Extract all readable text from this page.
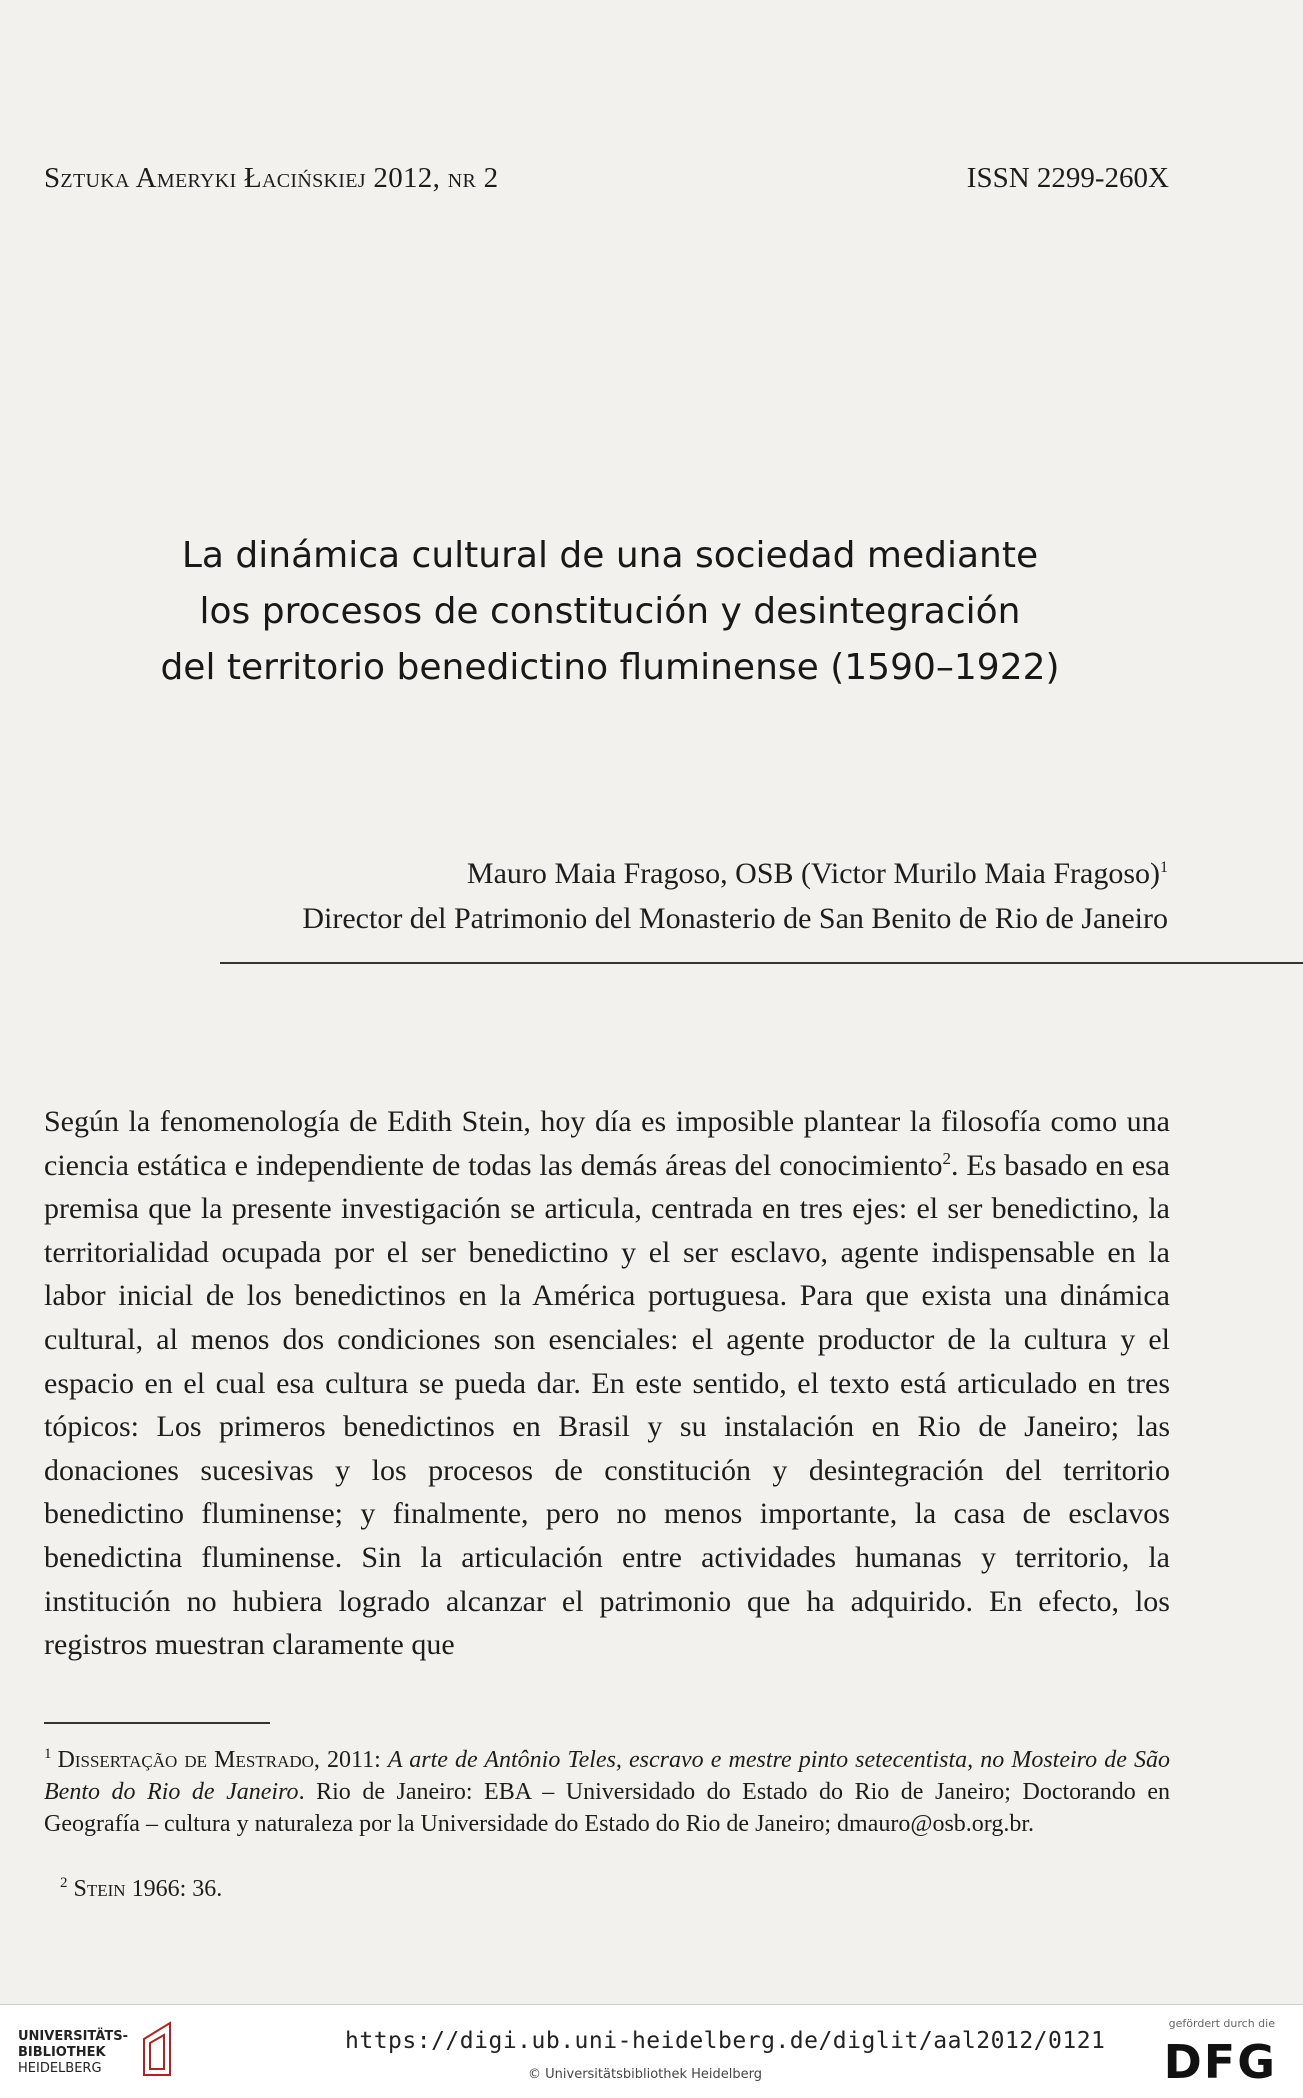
Sztuka Ameryki Łacińskiej 2012, nr 2	ISSN 2299-260X
La dinámica cultural de una sociedad mediante
los procesos de constitución y desintegración
del territorio benedictino fluminense (1590–1922)
Mauro Maia Fragoso, OSB (Victor Murilo Maia Fragoso)$^1$
Director del Patrimonio del Monasterio de San Benito de Rio de Janeiro
Según la fenomenología de Edith Stein, hoy día es imposible plantear la filosofía como una ciencia estática e independiente de todas las demás áreas del conocimiento$^2$. Es basado en esa premisa que la presente investigación se articula, centrada en tres ejes: el ser benedictino, la territorialidad ocupada por el ser benedictino y el ser esclavo, agente indispensable en la labor inicial de los benedictinos en la América portuguesa. Para que exista una dinámica cultural, al menos dos condiciones son esenciales: el agente productor de la cultura y el espacio en el cual esa cultura se pueda dar. En este sentido, el texto está articulado en tres tópicos: Los primeros benedictinos en Brasil y su instalación en Rio de Janeiro; las donaciones sucesivas y los procesos de constitución y desintegración del territorio benedictino fluminense; y finalmente, pero no menos importante, la casa de esclavos benedictina fluminense. Sin la articulación entre actividades humanas y territorio, la institución no hubiera logrado alcanzar el patrimonio que ha adquirido. En efecto, los registros muestran claramente que
$^1$ Dissertação de Mestrado, 2011: A arte de Antônio Teles, escravo e mestre pinto setecentista, no Mosteiro de São Bento do Rio de Janeiro. Rio de Janeiro: EBA – Universidado do Estado do Rio de Janeiro; Doctorando en Geografía – cultura y naturaleza por la Universidade do Estado do Rio de Janeiro; dmauro@osb.org.br.
$^2$ Stein 1966: 36.
UNIVERSITÄTS-
BIBLIOTHEK
HEIDELBERG
https://digi.ub.uni-heidelberg.de/diglit/aal2012/0121
© Universitätsbibliothek Heidelberg
gefördert durch die
DFG
